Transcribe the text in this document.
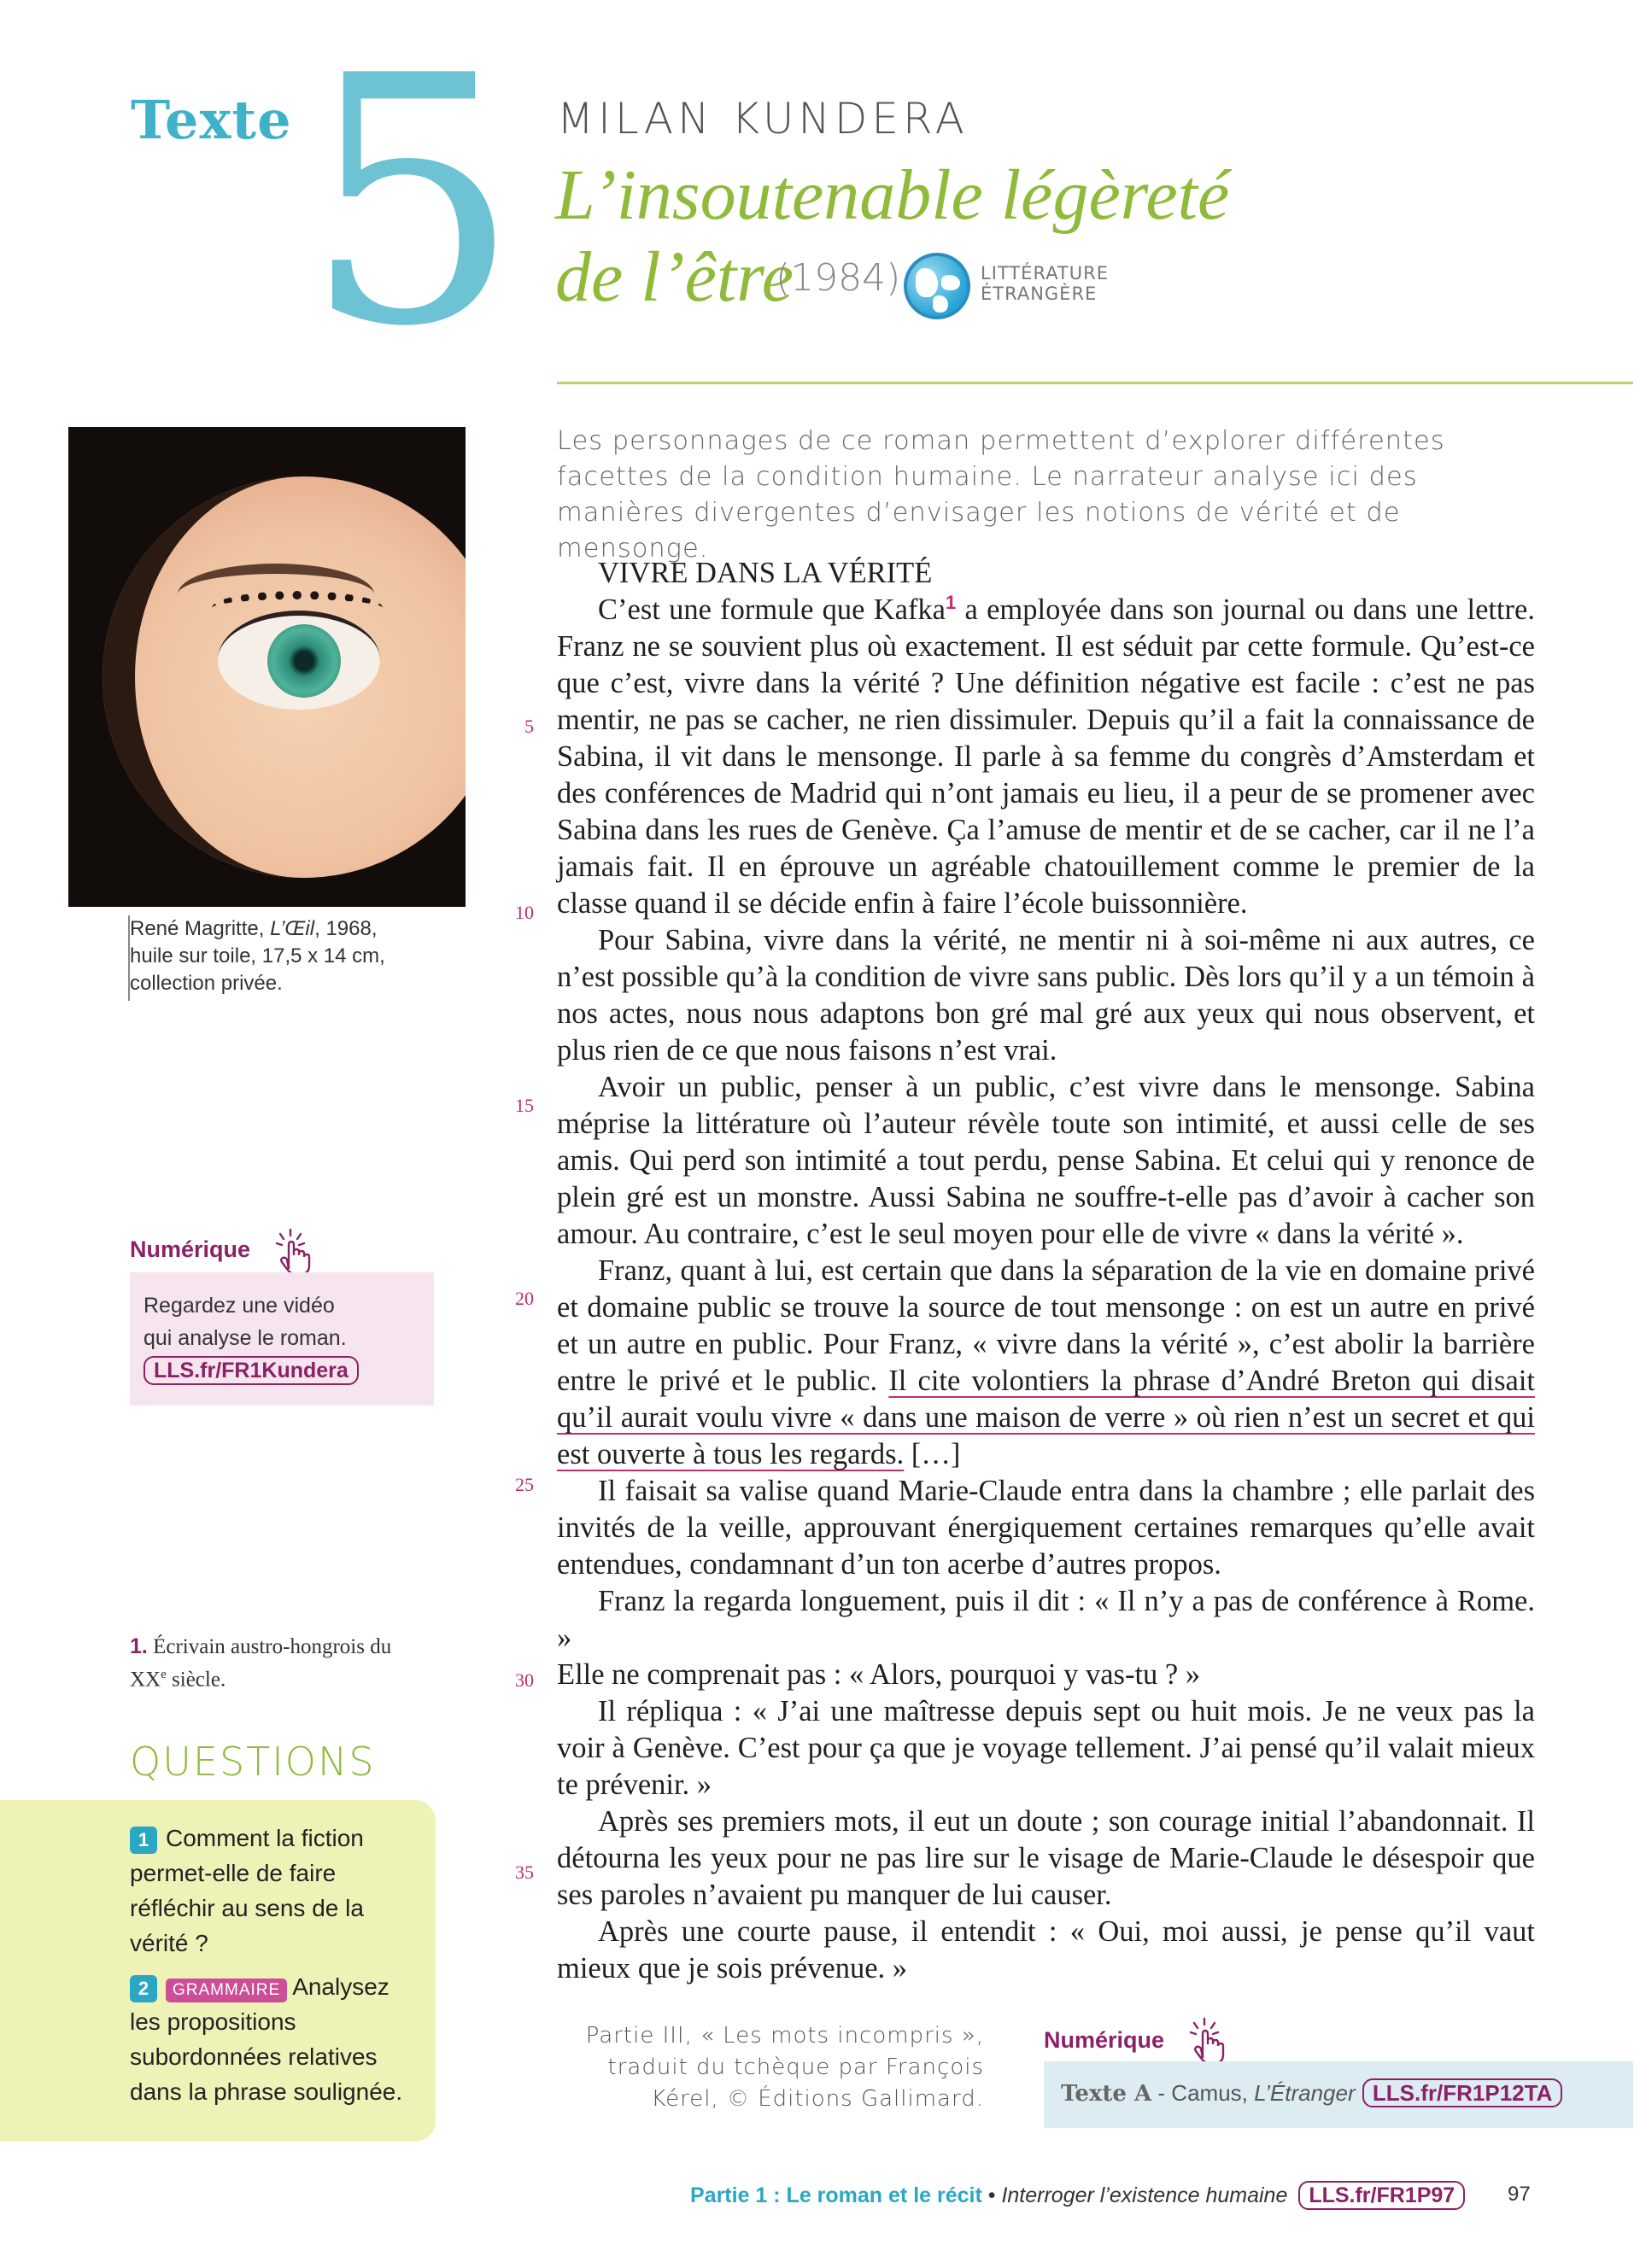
Texte 5 MILAN KUNDERA
L’insoutenable légèreté
de l’être
(1984)	LITTÉRATURE
ÉTRANGÈRE
René Magritte, L’Œil, 1968,
huile sur toile, 17,5 x 14 cm,
collection privée.
Numérique
Regardez une vidéo
qui analyse le roman.
LLS.fr/FR1Kundera
1. Écrivain austro-hongrois du
XXe siècle.
QUESTIONS
1 Comment la fiction permet-elle de faire réfléchir au sens de la vérité ?
2 GRAMMAIRE Analysez les propositions subordonnées relatives dans la phrase soulignée.
Les personnages de ce roman permettent d’explorer différentes facettes de la condition humaine. Le narrateur analyse ici des manières divergentes d’envisager les notions de vérité et de mensonge.

VIVRE DANS LA VÉRITÉ

C’est une formule que Kafka$^1$ a employée dans son journal ou dans une lettre. Franz ne se souvient plus où exactement. Il est séduit par cette formule. Qu’est-ce que c’est, vivre dans la vérité ? Une définition négative est facile : c’est ne pas mentir, ne pas se cacher, ne rien dissimuler. Depuis qu’il a fait la connaissance de Sabina, il vit dans le mensonge. Il parle à sa femme du congrès d’Amsterdam et des conférences de Madrid qui n’ont jamais eu lieu, il a peur de se promener avec Sabina dans les rues de Genève. Ça l’amuse de mentir et de se cacher, car il ne l’a jamais fait. Il en éprouve un agréable chatouillement comme le premier de la classe quand il se décide enfin à faire l’école buissonnière.

Pour Sabina, vivre dans la vérité, ne mentir ni à soi-même ni aux autres, ce n’est possible qu’à la condition de vivre sans public. Dès lors qu’il y a un témoin à nos actes, nous nous adaptons bon gré mal gré aux yeux qui nous observent, et plus rien de ce que nous faisons n’est vrai.

Avoir un public, penser à un public, c’est vivre dans le mensonge. Sabina méprise la littérature où l’auteur révèle toute son intimité, et aussi celle de ses amis. Qui perd son intimité a tout perdu, pense Sabina. Et celui qui y renonce de plein gré est un monstre. Aussi Sabina ne souffre-t-elle pas d’avoir à cacher son amour. Au contraire, c’est le seul moyen pour elle de vivre « dans la vérité ».

Franz, quant à lui, est certain que dans la séparation de la vie en domaine privé et domaine public se trouve la source de tout mensonge : on est un autre en privé et un autre en public. Pour Franz, « vivre dans la vérité », c’est abolir la barrière entre le privé et le public. Il cite volontiers la phrase d’André Breton qui disait qu’il aurait voulu vivre « dans une maison de verre » où rien n’est un secret et qui est ouverte à tous les regards. […]

Il faisait sa valise quand Marie-Claude entra dans la chambre ; elle parlait des invités de la veille, approuvant énergiquement certaines remarques qu’elle avait entendues, condamnant d’un ton acerbe d’autres propos.

Franz la regarda longuement, puis il dit : « Il n’y a pas de conférence à Rome. »

Elle ne comprenait pas : « Alors, pourquoi y vas-tu ? »

Il répliqua : « J’ai une maîtresse depuis sept ou huit mois. Je ne veux pas la voir à Genève. C’est pour ça que je voyage tellement. J’ai pensé qu’il valait mieux te prévenir. »

Après ses premiers mots, il eut un doute ; son courage initial l’abandonnait. Il détourna les yeux pour ne pas lire sur le visage de Marie-Claude le désespoir que ses paroles n’avaient pu manquer de lui causer.

Après une courte pause, il entendit : « Oui, moi aussi, je pense qu’il vaut mieux que je sois prévenue. »

5
10
15
20
25
30
35
Partie III, « Les mots incompris »,
traduit du tchèque par François
Kérel, © Éditions Gallimard.
Numérique
Texte A - Camus, L’Étranger LLS.fr/FR1P12TA
Partie 1 : Le roman et le récit • Interroger l’existence humaine LLS.fr/FR1P97	97
